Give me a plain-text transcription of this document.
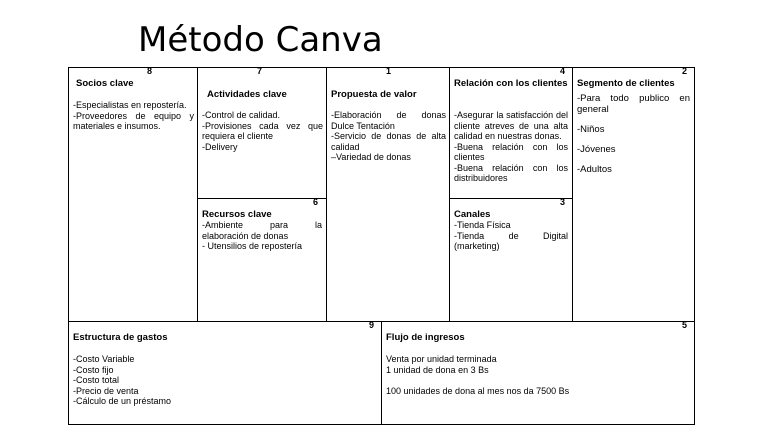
Método Canva
8
Socios clave
-Especialistas en repostería.
-Proveedores de equipo y materiales e insumos.
7
Actividades clave
-Control de calidad.
-Provisiones cada vez que requiera el cliente
-Delivery
6
Recursos clave
-Ambiente para la elaboración de donas
- Utensilios de repostería
1
Propuesta de valor
-Elaboración de donas Dulce Tentación
-Servicio de donas de alta calidad
–Variedad de donas
4
Relación con los clientes
-Asegurar la satisfacción del cliente atreves de una alta calidad en nuestras donas.
-Buena relación con los clientes
-Buena relación con los distribuidores
3
Canales
-Tienda Física
-Tienda de Digital (marketing)
2
Segmento de clientes
-Para todo publico en general
-Niños
-Jóvenes
-Adultos
9
Estructura de gastos
-Costo Variable
-Costo fijo
-Costo total
-Precio de venta
-Cálculo de un préstamo
5
Flujo de ingresos
Venta por unidad terminada
1 unidad de dona en 3 Bs
100 unidades de dona al mes nos da 7500 Bs
